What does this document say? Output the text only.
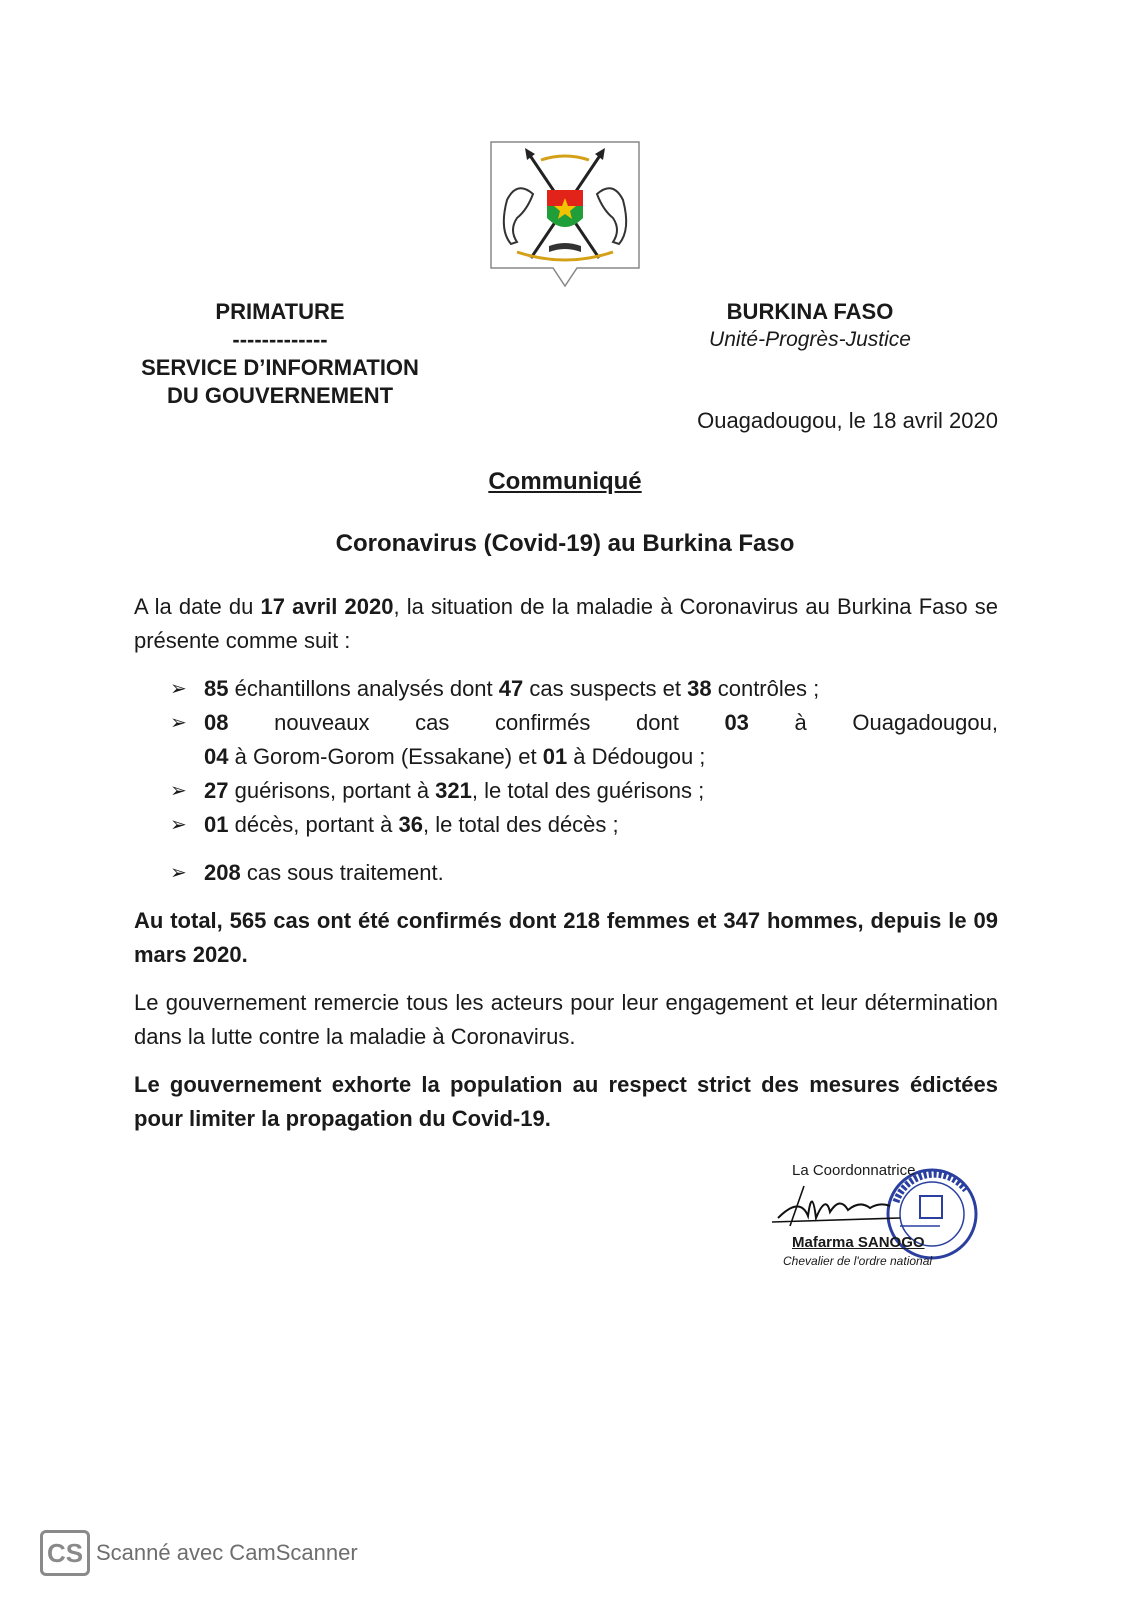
PRIMATURE
-------------
SERVICE D’INFORMATION
DU GOUVERNEMENT
BURKINA FASO
Unité-Progrès-Justice
Ouagadougou, le 18 avril 2020
Communiqué
Coronavirus (Covid-19) au Burkina Faso
A la date du 17 avril 2020, la situation de la maladie à Coronavirus au Burkina Faso se présente comme suit :
➢ 85 échantillons analysés dont 47 cas suspects et 38 contrôles ;
➢ 08 nouveaux cas confirmés dont 03 à Ouagadougou,
04 à Gorom-Gorom (Essakane) et 01 à Dédougou ;
➢ 27 guérisons, portant à 321, le total des guérisons ;
➢ 01 décès, portant à 36, le total des décès ;
➢ 208 cas sous traitement.
Au total, 565 cas ont été confirmés dont 218 femmes et 347 hommes, depuis le 09 mars 2020.
Le gouvernement remercie tous les acteurs pour leur engagement et leur détermination dans la lutte contre la maladie à Coronavirus.
Le gouvernement exhorte la population au respect strict des mesures édictées pour limiter la propagation du Covid-19.
La Coordonnatrice
Mafarma SANOGO
Chevalier de l'ordre national
CS Scanné avec CamScanner
